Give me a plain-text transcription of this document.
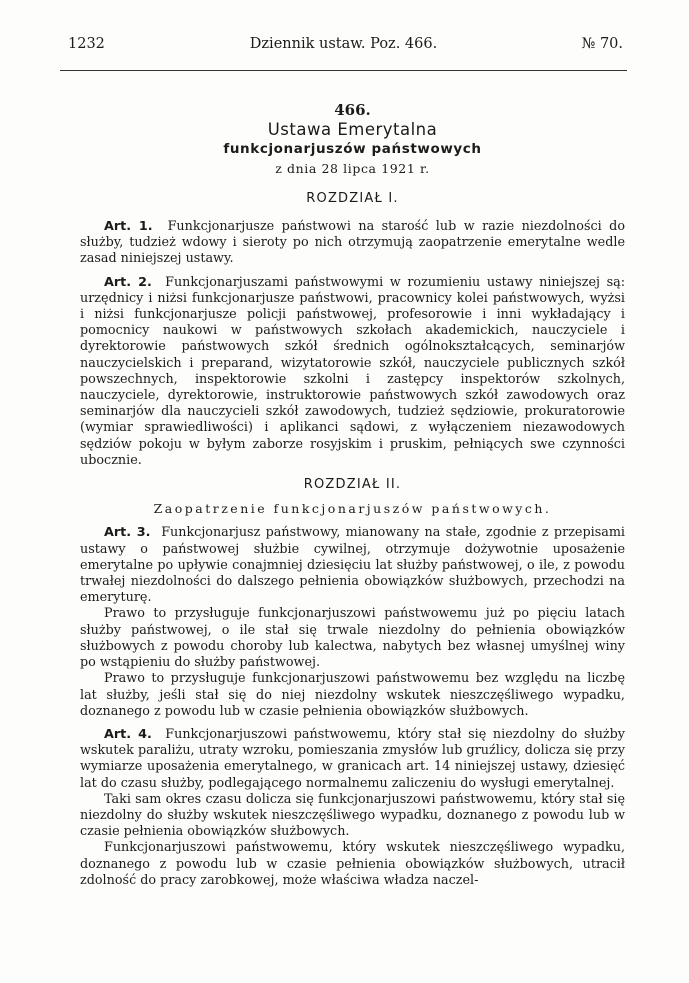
1232	Dziennik ustaw. Poz. 466.	№ 70.
466.
Ustawa Emerytalna
funkcjonarjuszów państwowych
z dnia 28 lipca 1921 r.
ROZDZIAŁ I.

Art. 1. Funkcjonarjusze państwowi na starość lub w razie niezdolności do służby, tudzież wdowy i sieroty po nich otrzymują zaopatrzenie emerytalne wedle zasad niniejszej ustawy.

Art. 2. Funkcjonarjuszami państwowymi w rozumieniu ustawy niniejszej są: urzędnicy i niżsi funkcjonarjusze państwowi, pracownicy kolei państwowych, wyżsi i niżsi funkcjonarjusze policji państwowej, profesorowie i inni wykładający i pomocnicy naukowi w państwowych szkołach akademickich, nauczyciele i dyrektorowie państwowych szkół średnich ogólnokształcących, seminarjów nauczycielskich i preparand, wizytatorowie szkół, nauczyciele publicznych szkół powszechnych, inspektorowie szkolni i zastępcy inspektorów szkolnych, nauczyciele, dyrektorowie, instruktorowie państwowych szkół zawodowych oraz seminarjów dla nauczycieli szkół zawodowych, tudzież sędziowie, prokuratorowie (wymiar sprawiedliwości) i aplikanci sądowi, z wyłączeniem niezawodowych sędziów pokoju w byłym zaborze rosyjskim i pruskim, pełniących swe czynności ubocznie.

ROZDZIAŁ II.
Zaopatrzenie funkcjonarjuszów państwowych.

Art. 3. Funkcjonarjusz państwowy, mianowany na stałe, zgodnie z przepisami ustawy o państwowej służbie cywilnej, otrzymuje dożywotnie uposażenie emerytalne po upływie conajmniej dziesięciu lat służby państwowej, o ile, z powodu trwałej niezdolności do dalszego pełnienia obowiązków służbowych, przechodzi na emeryturę.

Prawo to przysługuje funkcjonarjuszowi państwowemu już po pięciu latach służby państwowej, o ile stał się trwale niezdolny do pełnienia obowiązków służbowych z powodu choroby lub kalectwa, nabytych bez własnej umyślnej winy po wstąpieniu do służby państwowej.

Prawo to przysługuje funkcjonarjuszowi państwowemu bez względu na liczbę lat służby, jeśli stał się do niej niezdolny wskutek nieszczęśliwego wypadku, doznanego z powodu lub w czasie pełnienia obowiązków służbowych.

Art. 4. Funkcjonarjuszowi państwowemu, który stał się niezdolny do służby wskutek paraliżu, utraty wzroku, pomieszania zmysłów lub gruźlicy, dolicza się przy wymiarze uposażenia emerytalnego, w granicach art. 14 niniejszej ustawy, dziesięć lat do czasu służby, podlegającego normalnemu zaliczeniu do wysługi emerytalnej.

Taki sam okres czasu dolicza się funkcjonarjuszowi państwowemu, który stał się niezdolny do służby wskutek nieszczęśliwego wypadku, doznanego z powodu lub w czasie pełnienia obowiązków służbowych.

Funkcjonarjuszowi państwowemu, który wskutek nieszczęśliwego wypadku, doznanego z powodu lub w czasie pełnienia obowiązków służbowych, utracił zdolność do pracy zarobkowej, może właściwa władza naczel-
